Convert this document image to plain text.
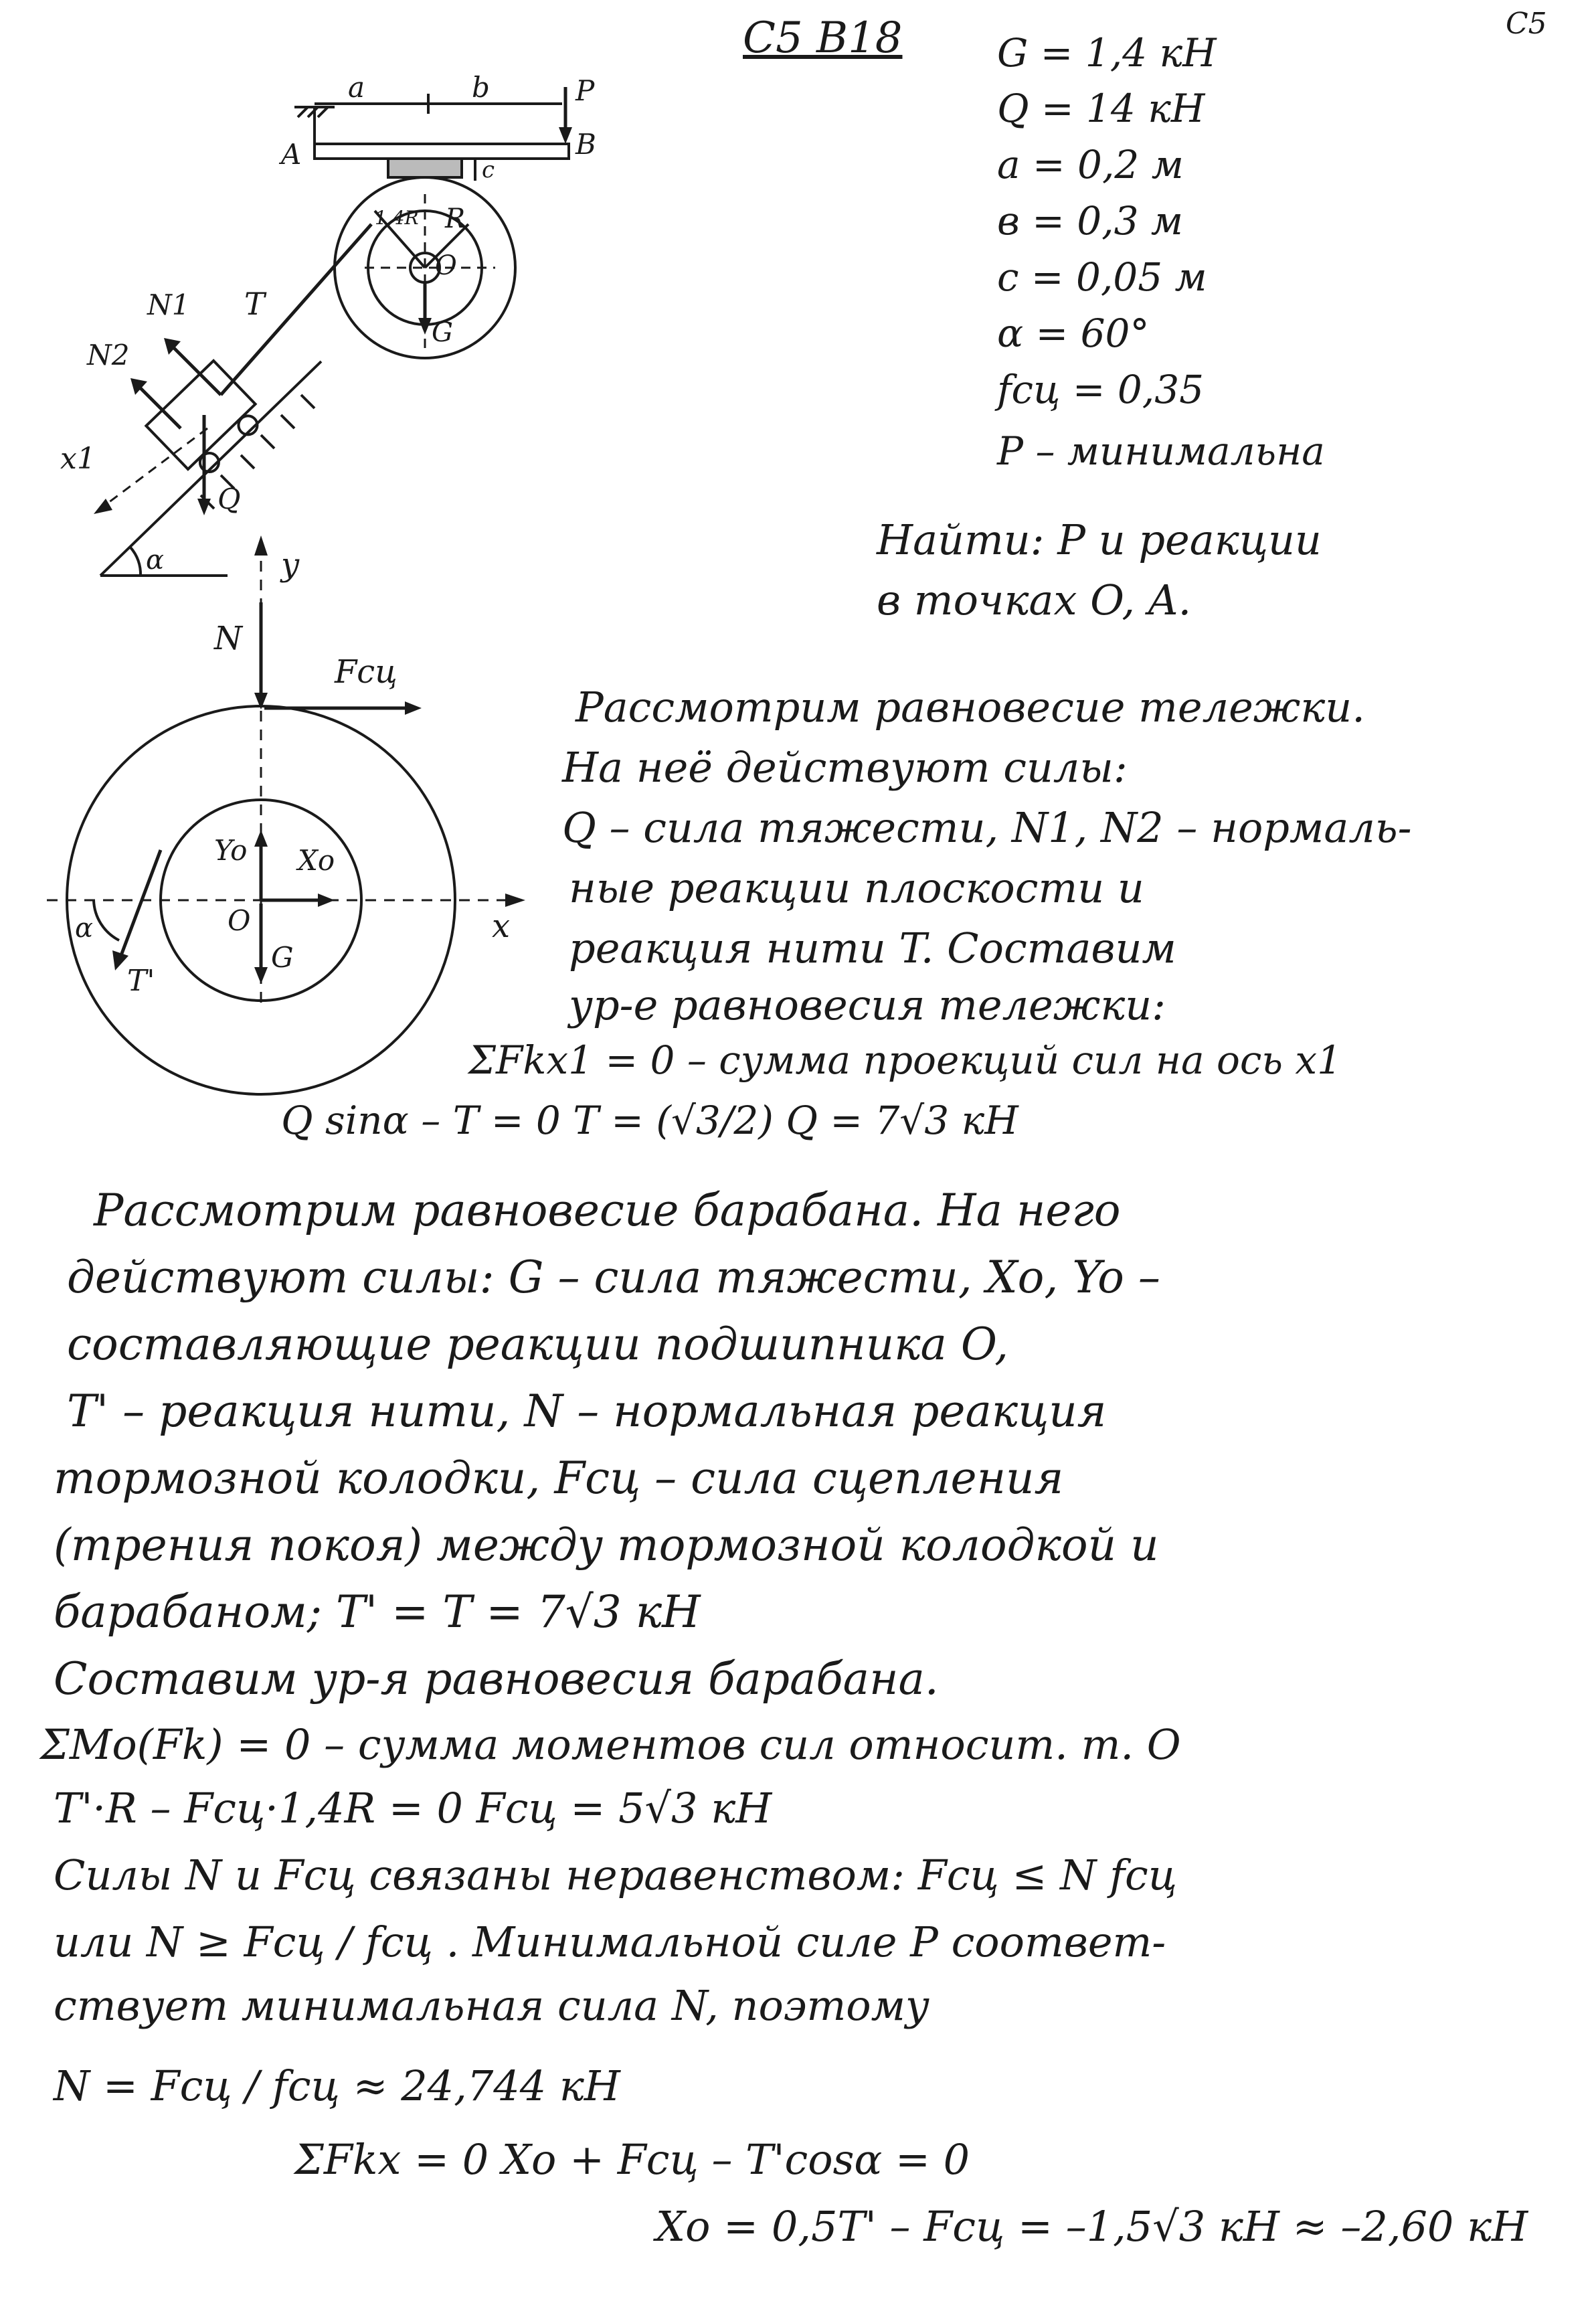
С5 В18	С5
G = 1,4 кН
Q = 14 кН
a = 0,2 м
в = 0,3 м
с = 0,05 м
α = 60°
fсц = 0,35
P – минимальна
Найти: P и реакции
в точках O, A.
a	b	P
A	B
c
R
1,4R
O
G
T
N1
N2
x1
Q
α	y
N
Fсц
Yo Xo
O
G
x
α
T'
Рассмотрим равновесие тележки.
На неё действуют силы:
Q – сила тяжести, N1, N2 – нормаль-
ные реакции плоскости и
реакция нити T. Составим
ур-е равновесия тележки:
ΣFkx1 = 0 – сумма проекций сил на ось x1
Q sinα – T = 0 T = (√3/2) Q = 7√3 кН
Рассмотрим равновесие барабана. На него
действуют силы: G – сила тяжести, Xo, Yo –
составляющие реакции подшипника O,
T' – реакция нити, N – нормальная реакция
тормозной колодки, Fсц – сила сцепления
(трения покоя) между тормозной колодкой и
барабаном; T' = T = 7√3 кН
Составим ур-я равновесия барабана.
ΣMo(Fk) = 0 – сумма моментов сил относит. т. O
T'·R – Fсц·1,4R = 0 Fсц = 5√3 кН
Силы N и Fсц связаны неравенством: Fсц ≤ N fсц
или N ≥ Fсц / fсц . Минимальной силе P соответ-
ствует минимальная сила N, поэтому
N = Fсц / fсц ≈ 24,744 кН
ΣFkx = 0 Xo + Fсц – T'cosα = 0
Xo = 0,5T' – Fсц = –1,5√3 кН ≈ –2,60 кН
